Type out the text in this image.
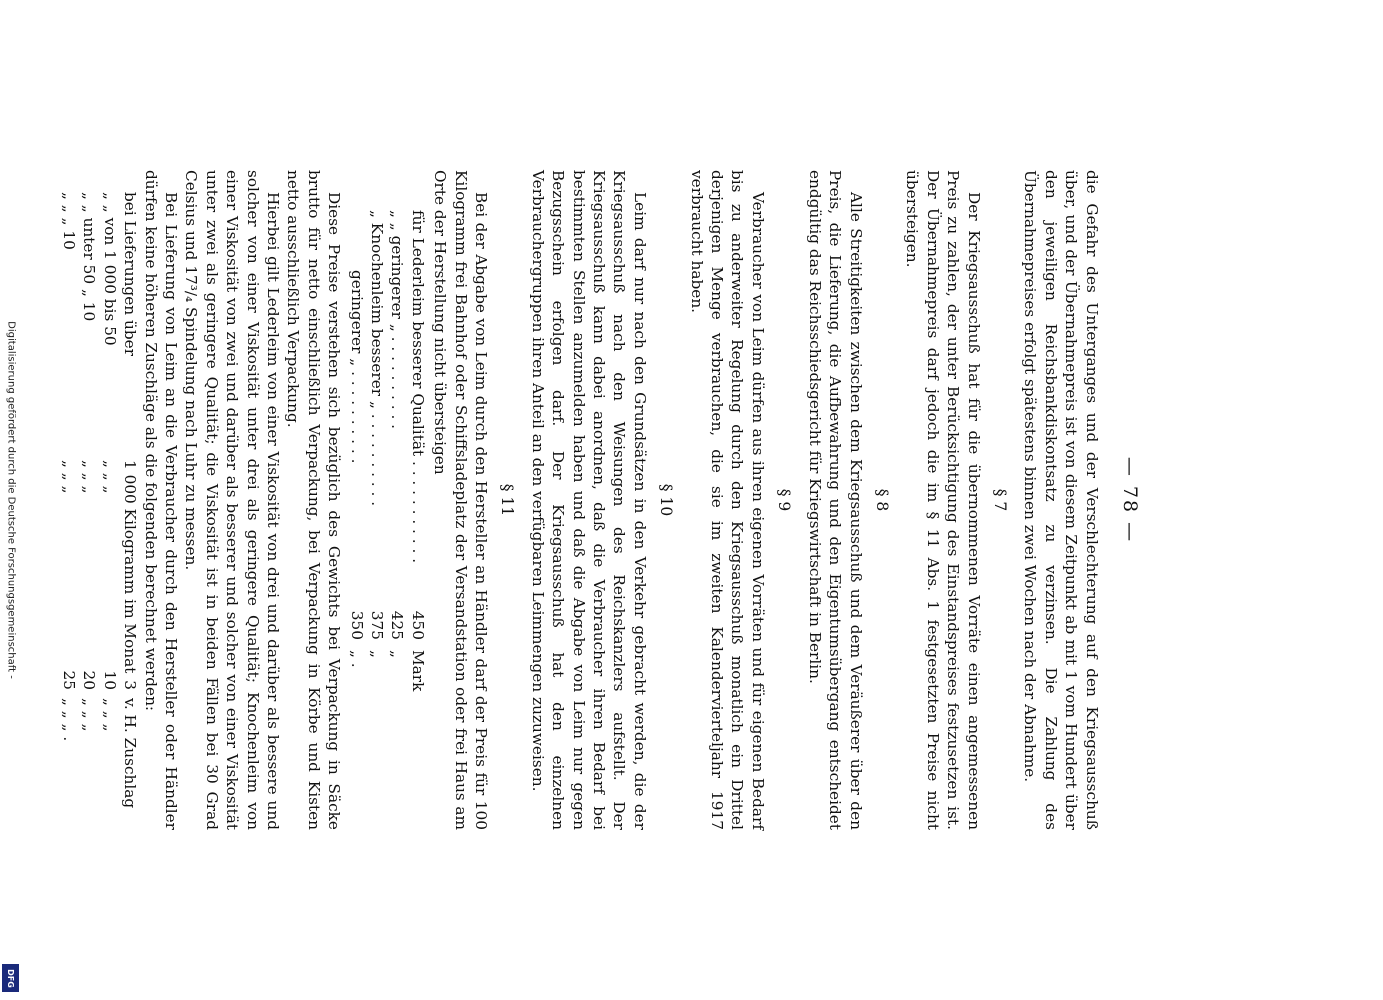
Digitalisierung gefördert durch die Deutsche Forschungsgemeinschaft -
DFG
— 78 —

die Gefahr des Unterganges und der Verschlechterung auf den Kriegsausschuß über, und der Übernahmepreis ist von diesem Zeitpunkt ab mit 1 vom Hundert über den jeweiligen Reichsbankdiskontsatz zu verzinsen. Die Zahlung des Übernahmepreises erfolgt spätestens binnen zwei Wochen nach der Abnahme.

§ 7

Der Kriegsausschuß hat für die übernommenen Vorräte einen angemessenen Preis zu zahlen, der unter Berücksichtigung des Einstandspreises festzusetzen ist. Der Übernahmepreis darf jedoch die im § 11 Abs. 1 festgesetzten Preise nicht übersteigen.

§ 8

Alle Streitigkeiten zwischen dem Kriegsausschuß und dem Veräußerer über den Preis, die Lieferung, die Aufbewahrung und den Eigentumsübergang entscheidet endgültig das Reichsschiedsgericht für Kriegswirtschaft in Berlin.

§ 9

Verbraucher von Leim dürfen aus ihren eigenen Vorräten und für eigenen Bedarf bis zu anderweiter Regelung durch den Kriegsausschuß monatlich ein Drittel derjenigen Menge verbrauchen, die sie im zweiten Kalendervierteljahr 1917 verbraucht haben.

§ 10

Leim darf nur nach den Grundsätzen in den Verkehr gebracht werden, die der Kriegsausschuß nach den Weisungen des Reichskanzlers aufstellt. Der Kriegsausschuß kann dabei anordnen, daß die Verbraucher ihren Bedarf bei bestimmten Stellen anzumelden haben und daß die Abgabe von Leim nur gegen Bezugsschein erfolgen darf. Der Kriegsausschuß hat den einzelnen Verbrauchergruppen ihren Anteil an den verfügbaren Leimmengen zuzuweisen.

§ 11

Bei der Abgabe von Leim durch den Hersteller an Händler darf der Preis für 100 Kilogramm frei Bahnhof oder Schiffsladeplatz der Versandstation oder frei Haus am Orte der Herstellung nicht übersteigen

für Lederleim besserer Qualität . . . . . . . . . . .
450
Mark
„ „ geringerer „ . . . . . . . . . .
425
„
„ Knochenleim besserer „ . . . . . . . . . .
375
„
geringerer „ . . . . . . . . . .
350
„ .

Diese Preise verstehen sich bezüglich des Gewichts bei Verpackung in Säcke brutto für netto einschließlich Verpackung, bei Verpackung in Körbe und Kisten netto ausschließlich Verpackung.

Hierbei gilt Lederleim von einer Viskosität von drei und darüber als bessere und solcher von einer Viskosität unter drei als geringere Qualität; Knochenleim von einer Viskosität von zwei und darüber als besserer und solcher von einer Viskosität unter zwei als geringere Qualität; die Viskosität ist in beiden Fällen bei 30 Grad Celsius und 17³/₄ Spindelung nach Luhr zu messen.

Bei Lieferung von Leim an die Verbraucher durch den Hersteller oder Händler dürfen keine höheren Zuschläge als die folgenden berechnet werden:

bei Lieferungen über
1 000 Kilogramm im Monat
3
v. H. Zuschlag
„ „ von 1 000 bis 50
„ „ „
10
„ „ „
„ „ unter 50 „ 10
„ „ „
20
„ „ „
„ „ „ 10
„ „ „
25
„ „ „ .
